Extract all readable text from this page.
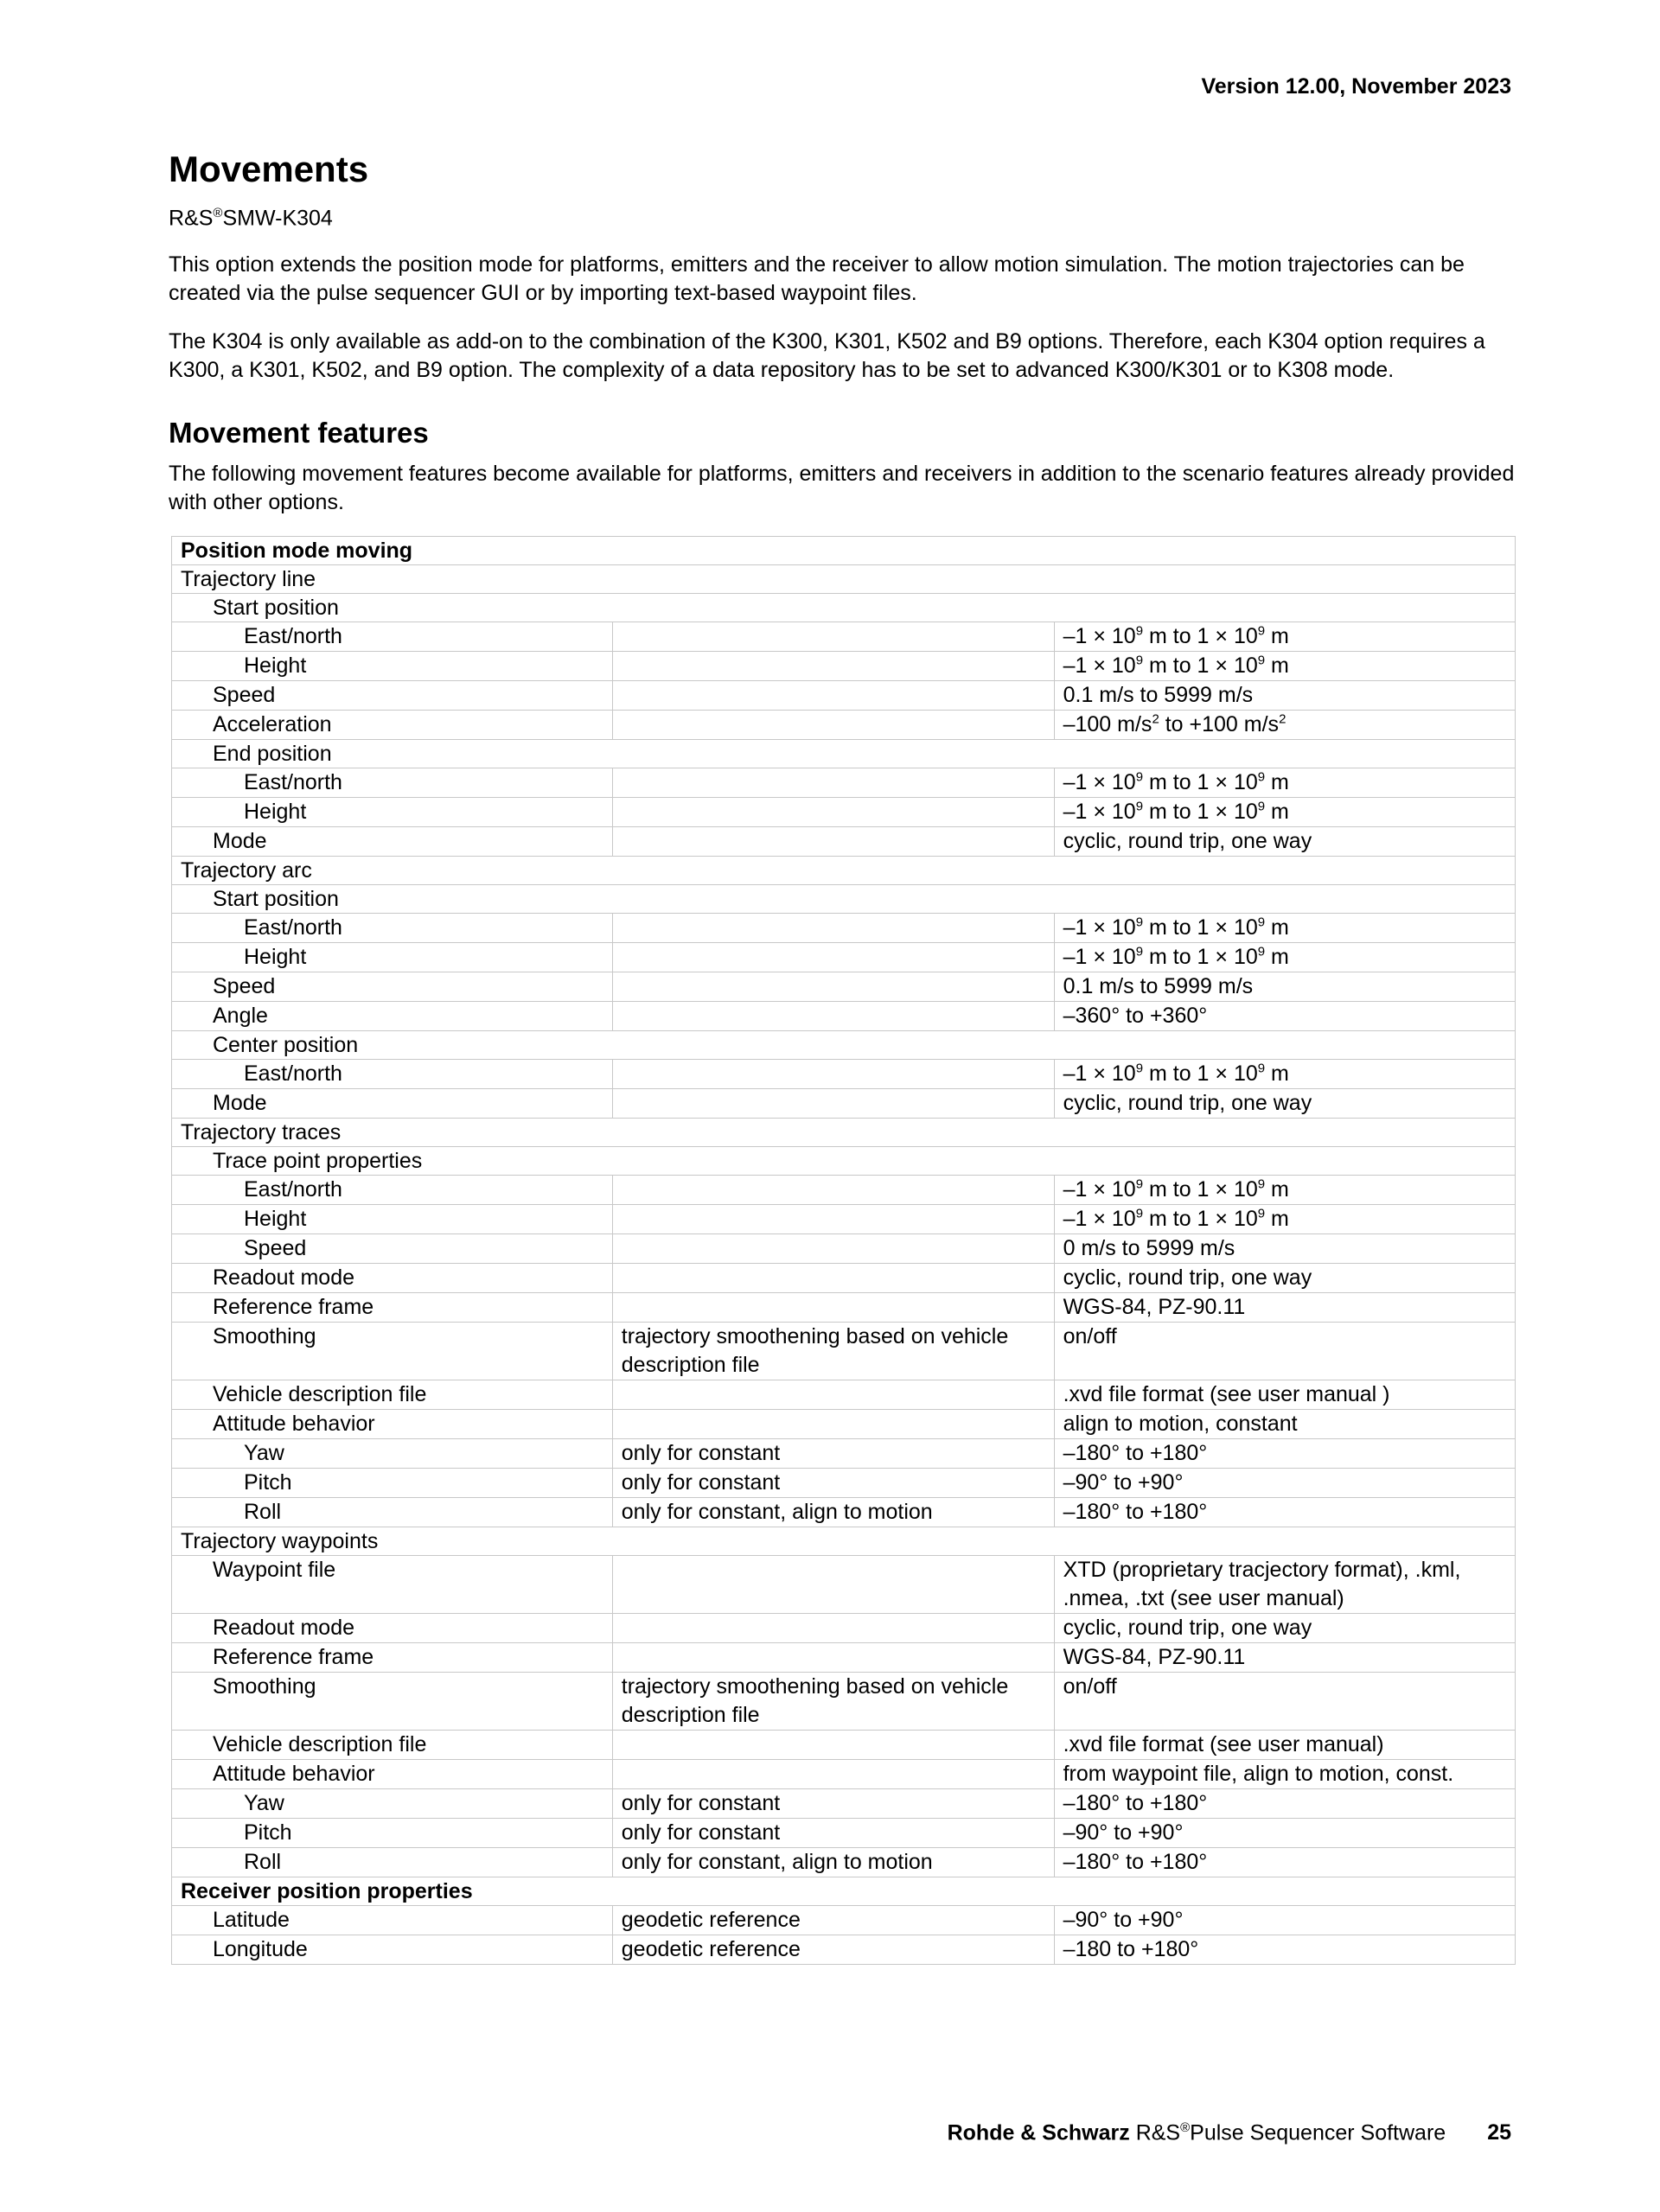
Version 12.00, November 2023
Movements
R&S®SMW-K304

This option extends the position mode for platforms, emitters and the receiver to allow motion simulation. The motion trajectories can be created via the pulse sequencer GUI or by importing text-based waypoint files.

The K304 is only available as add-on to the combination of the K300, K301, K502 and B9 options. Therefore, each K304 option requires a K300, a K301, K502, and B9 option. The complexity of a data repository has to be set to advanced K300/K301 or to K308 mode.

Movement features

The following movement features become available for platforms, emitters and receivers in addition to the scenario features already provided with other options.

Position mode moving		
Trajectory line		
Start position		
East/north		$-1 \times 10^9$ m to $1 \times 10^9$ m
Height		$-1 \times 10^9$ m to $1 \times 10^9$ m
Speed		0.1 m/s to 5999 m/s
Acceleration		–100 $m/s^2$ to +100 $m/s^2$
End position		
East/north		$-1 \times 10^9$ m to $1 \times 10^9$ m
Height		$-1 \times 10^9$ m to $1 \times 10^9$ m
Mode		cyclic, round trip, one way
Trajectory arc		
Start position		
East/north		$-1 \times 10^9$ m to $1 \times 10^9$ m
Height		$-1 \times 10^9$ m to $1 \times 10^9$ m
Speed		0.1 m/s to 5999 m/s
Angle		–360° to +360°
Center position		
East/north		$-1 \times 10^9$ m to $1 \times 10^9$ m
Mode		cyclic, round trip, one way
Trajectory traces		
Trace point properties		
East/north		$-1 \times 10^9$ m to $1 \times 10^9$ m
Height		$-1 \times 10^9$ m to $1 \times 10^9$ m
Speed		0 m/s to 5999 m/s
Readout mode		cyclic, round trip, one way
Reference frame		WGS-84, PZ-90.11
Smoothing	trajectory smoothening based on vehicle description file	on/off
Vehicle description file		.xvd file format (see user manual )
Attitude behavior		align to motion, constant
Yaw	only for constant	–180° to +180°
Pitch	only for constant	–90° to +90°
Roll	only for constant, align to motion	–180° to +180°
Trajectory waypoints		
Waypoint file		XTD (proprietary tracjectory format), .kml, .nmea, .txt (see user manual)
Readout mode		cyclic, round trip, one way
Reference frame		WGS-84, PZ-90.11
Smoothing	trajectory smoothening based on vehicle description file	on/off
Vehicle description file		.xvd file format (see user manual)
Attitude behavior		from waypoint file, align to motion, const.
Yaw	only for constant	–180° to +180°
Pitch	only for constant	–90° to +90°
Roll	only for constant, align to motion	–180° to +180°
Receiver position properties		
Latitude	geodetic reference	–90° to +90°
Longitude	geodetic reference	–180 to +180°
Rohde & Schwarz R&S®Pulse Sequencer Software 25
